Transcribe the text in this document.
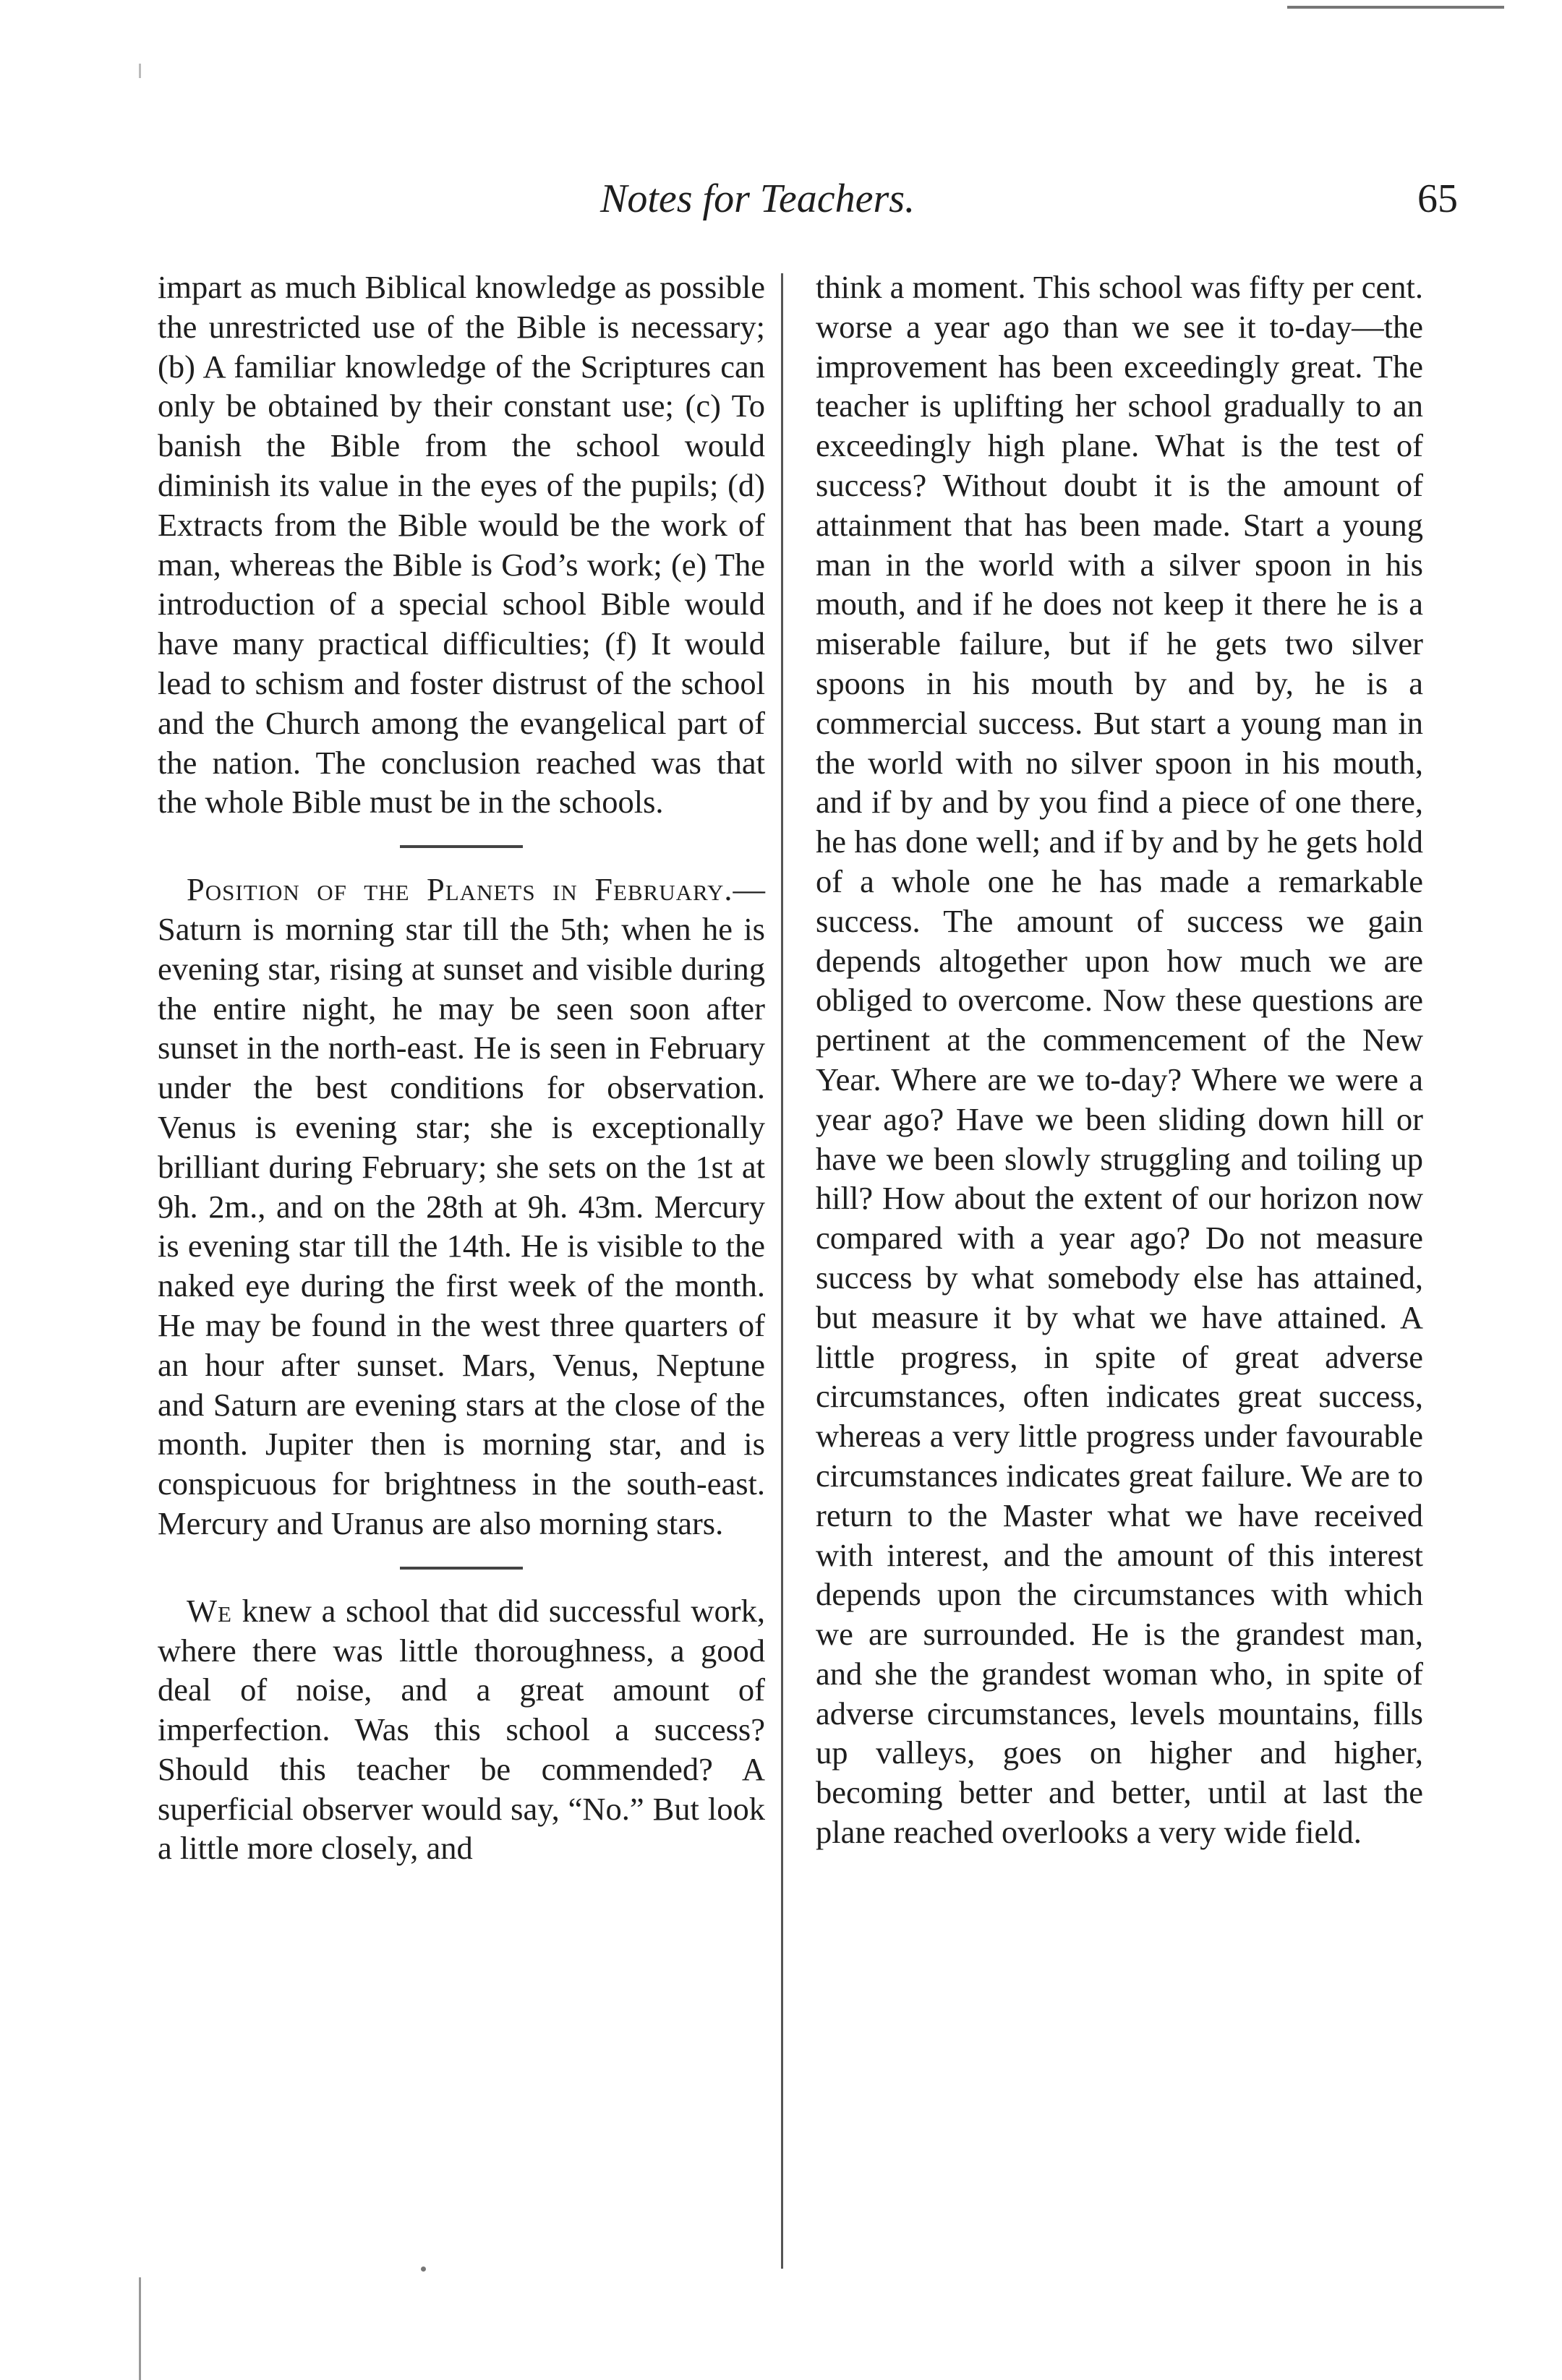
Notes for Teachers.	65

impart as much Biblical knowledge as possible the unrestricted use of the Bible is necessary; (b) A familiar knowledge of the Scriptures can only be obtained by their constant use; (c) To banish the Bible from the school would diminish its value in the eyes of the pupils; (d) Extracts from the Bible would be the work of man, whereas the Bible is God’s work; (e) The introduction of a special school Bible would have many practical difficulties; (f) It would lead to schism and foster distrust of the school and the Church among the evangelical part of the nation. The conclusion reached was that the whole Bible must be in the schools.

Position of the Planets in February.—Saturn is morning star till the 5th; when he is evening star, rising at sunset and visible during the entire night, he may be seen soon after sunset in the north-east. He is seen in February under the best conditions for observation. Venus is evening star; she is exceptionally brilliant during February; she sets on the 1st at 9h. 2m., and on the 28th at 9h. 43m. Mercury is evening star till the 14th. He is visible to the naked eye during the first week of the month. He may be found in the west three quarters of an hour after sunset. Mars, Venus, Neptune and Saturn are evening stars at the close of the month. Jupiter then is morning star, and is conspicuous for brightness in the south-east. Mercury and Uranus are also morning stars.

We knew a school that did successful work, where there was little thoroughness, a good deal of noise, and a great amount of imperfection. Was this school a success? Should this teacher be commended? A superficial observer would say, “No.” But look a little more closely, and

think a moment. This school was fifty per cent. worse a year ago than we see it to-day—the improvement has been exceedingly great. The teacher is uplifting her school gradually to an exceedingly high plane. What is the test of success? Without doubt it is the amount of attainment that has been made. Start a young man in the world with a silver spoon in his mouth, and if he does not keep it there he is a miserable failure, but if he gets two silver spoons in his mouth by and by, he is a commercial success. But start a young man in the world with no silver spoon in his mouth, and if by and by you find a piece of one there, he has done well; and if by and by he gets hold of a whole one he has made a remarkable success. The amount of success we gain depends altogether upon how much we are obliged to overcome. Now these questions are pertinent at the commencement of the New Year. Where are we to-day? Where we were a year ago? Have we been sliding down hill or have we been slowly struggling and toiling up hill? How about the extent of our horizon now compared with a year ago? Do not measure success by what somebody else has attained, but measure it by what we have attained. A little progress, in spite of great adverse circumstances, often indicates great success, whereas a very little progress under favourable circumstances indicates great failure. We are to return to the Master what we have received with interest, and the amount of this interest depends upon the circumstances with which we are surrounded. He is the grandest man, and she the grandest woman who, in spite of adverse circumstances, levels mountains, fills up valleys, goes on higher and higher, becoming better and better, until at last the plane reached overlooks a very wide field.
